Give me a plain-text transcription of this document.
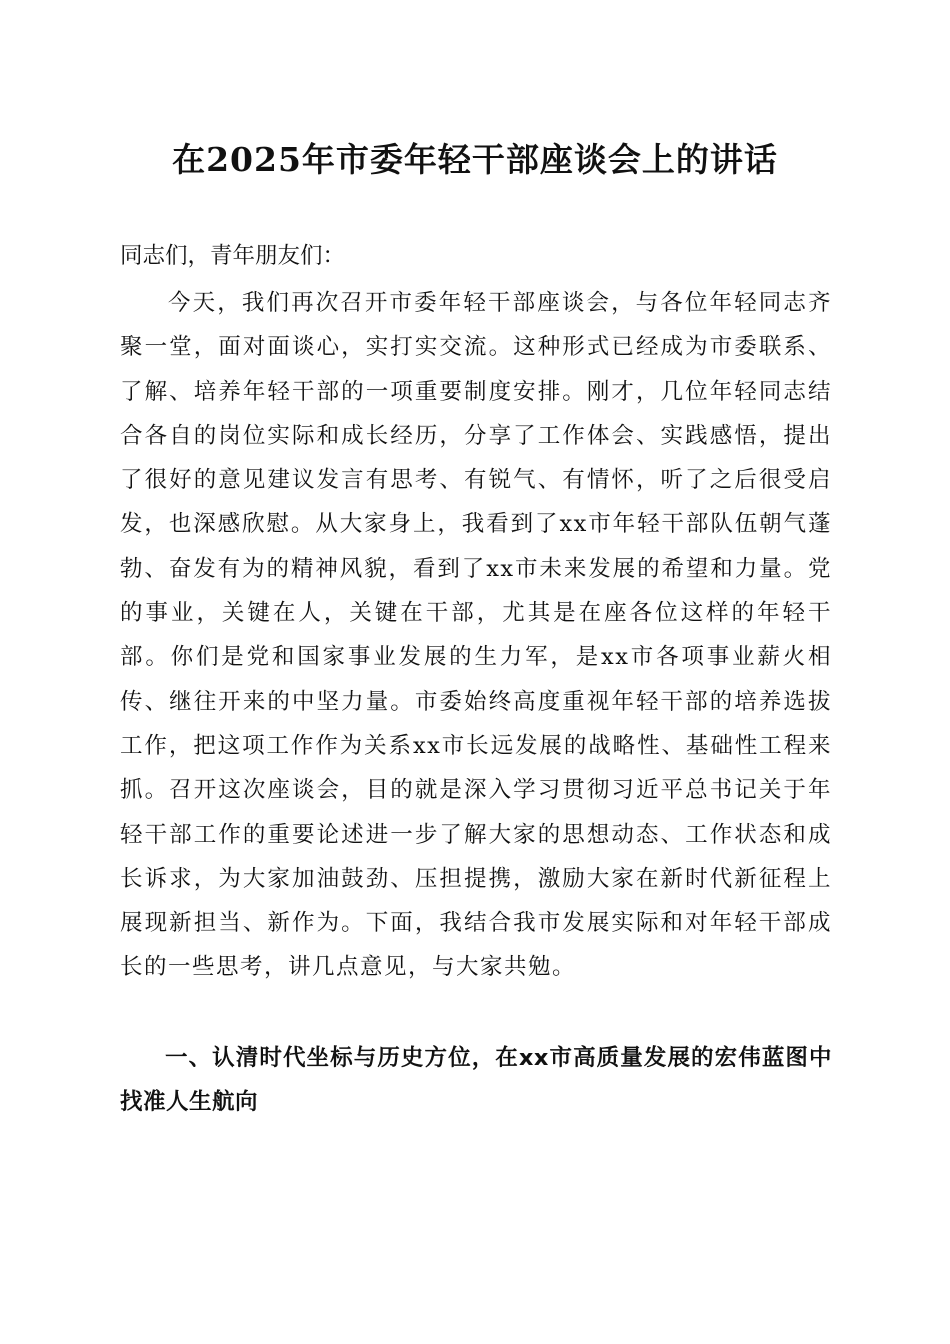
在2025年市委年轻干部座谈会上的讲话

同志们，青年朋友们：

今天，我们再次召开市委年轻干部座谈会，与各位年轻同志齐聚一堂，面对面谈心，实打实交流。这种形式已经成为市委联系、了解、培养年轻干部的一项重要制度安排。刚才，几位年轻同志结合各自的岗位实际和成长经历，分享了工作体会、实践感悟，提出了很好的意见建议发言有思考、有锐气、有情怀，听了之后很受启发，也深感欣慰。从大家身上，我看到了xx市年轻干部队伍朝气蓬勃、奋发有为的精神风貌，看到了xx市未来发展的希望和力量。党的事业，关键在人，关键在干部，尤其是在座各位这样的年轻干部。你们是党和国家事业发展的生力军，是xx市各项事业薪火相传、继往开来的中坚力量。市委始终高度重视年轻干部的培养选拔工作，把这项工作作为关系xx市长远发展的战略性、基础性工程来抓。召开这次座谈会，目的就是深入学习贯彻习近平总书记关于年轻干部工作的重要论述进一步了解大家的思想动态、工作状态和成长诉求，为大家加油鼓劲、压担提携，激励大家在新时代新征程上展现新担当、新作为。下面，我结合我市发展实际和对年轻干部成长的一些思考，讲几点意见，与大家共勉。

一、认清时代坐标与历史方位，在xx市高质量发展的宏伟蓝图中找准人生航向
